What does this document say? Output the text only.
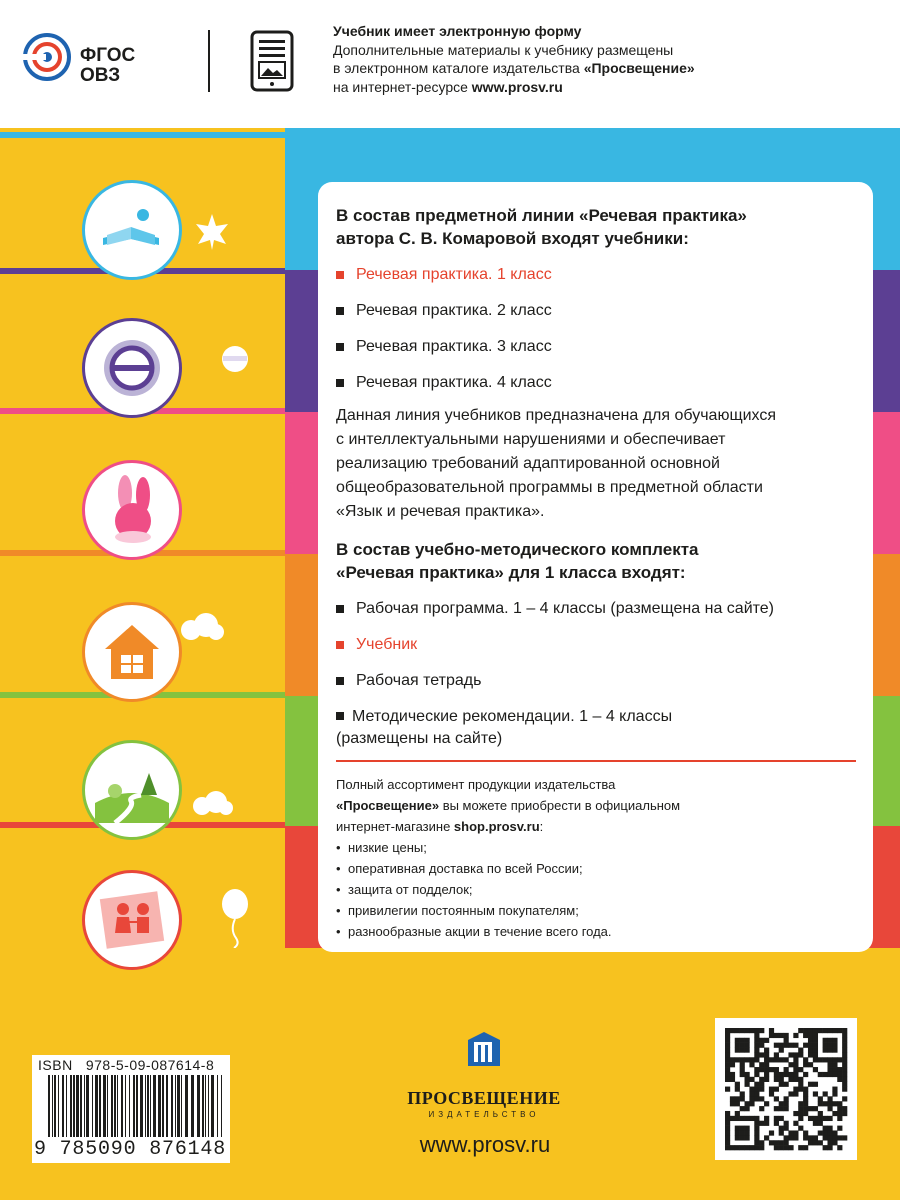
ФГОС
ОВЗ
Учебник имеет электронную форму
Дополнительные материалы к учебнику размещены
в электронном каталоге издательства «Просвещение»
на интернет-ресурсе www.prosv.ru

В состав предметной линии «Речевая практика»
автора С. В. Комаровой входят учебники:

Речевая практика. 1 класс

Речевая практика. 2 класс

Речевая практика. 3 класс

Речевая практика. 4 класс

Данная линия учебников предназначена для обучающихся
с интеллектуальными нарушениями и обеспечивает
реализацию требований адаптированной основной
общеобразовательной программы в предметной области
«Язык и речевая практика».

В состав учебно-методического комплекта
«Речевая практика» для 1 класса входят:

Рабочая программа. 1 – 4 классы (размещена на сайте)

Учебник

Рабочая тетрадь

Методические рекомендации. 1 – 4 классы

(размещены на сайте)

Полный ассортимент продукции издательства
«Просвещение» вы можете приобрести в официальном
интернет-магазине shop.prosv.ru:
• низкие цены;
• оперативная доставка по всей России;
• защита от подделок;
• привилегии постоянным покупателям;
• разнообразные акции в течение всего года.
ISBN 978-5-09-087614-8
9 785090 876148
ПРОСВЕЩЕНИЕ
ИЗДАТЕЛЬСТВО
www.prosv.ru
